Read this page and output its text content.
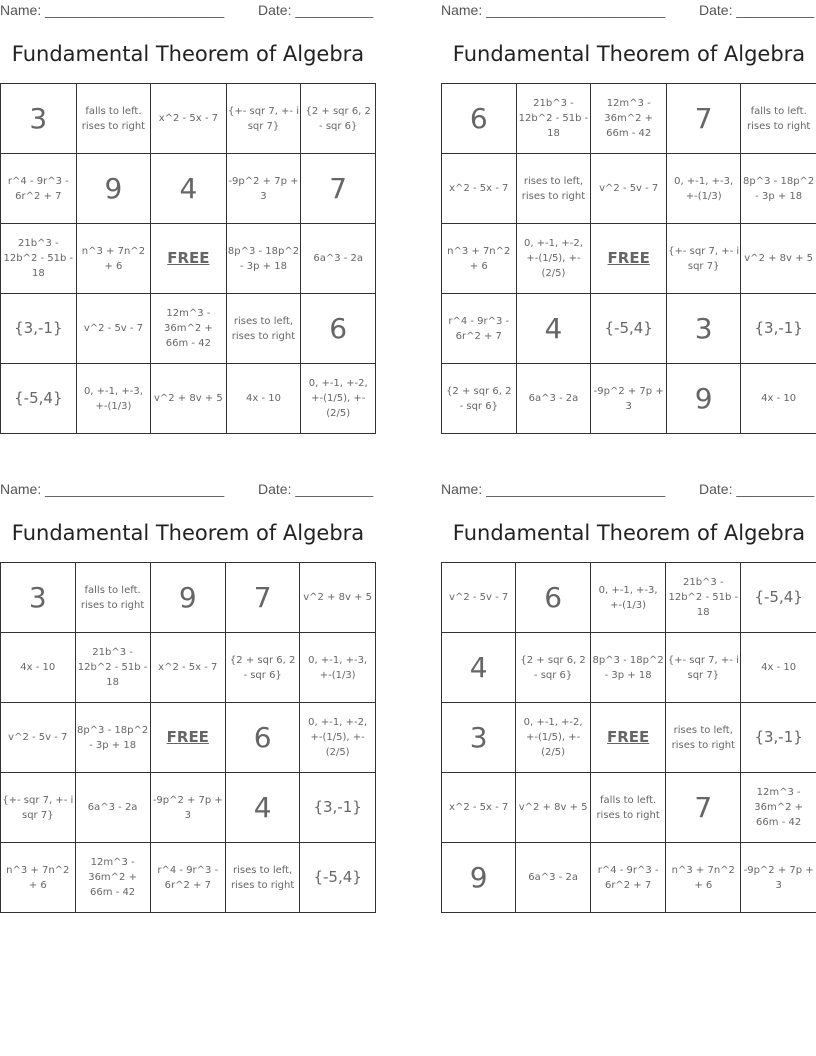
Name: _______________________ Date: __________
Fundamental Theorem of Algebra
3	falls to left. rises to right	x^2 - 5x - 7	{+- sqr 7, +- i sqr 7}	{2 + sqr 6, 2 - sqr 6}
r^4 - 9r^3 - 6r^2 + 7	9	4	-9p^2 + 7p + 3	7
21b^3 - 12b^2 - 51b - 18	n^3 + 7n^2 + 6	FREE	8p^3 - 18p^2 - 3p + 18	6a^3 - 2a
{3,-1}	v^2 - 5v - 7	12m^3 - 36m^2 + 66m - 42	rises to left, rises to right	6
{-5,4}	0, +-1, +-3, +-(1/3)	v^2 + 8v + 5	4x - 10	0, +-1, +-2, +-(1/5), +-(2/5)
Name: _______________________ Date: __________
Fundamental Theorem of Algebra
6	21b^3 - 12b^2 - 51b - 18	12m^3 - 36m^2 + 66m - 42	7	falls to left. rises to right
x^2 - 5x - 7	rises to left, rises to right	v^2 - 5v - 7	0, +-1, +-3, +-(1/3)	8p^3 - 18p^2 - 3p + 18
n^3 + 7n^2 + 6	0, +-1, +-2, +-(1/5), +-(2/5)	FREE	{+- sqr 7, +- i sqr 7}	v^2 + 8v + 5
r^4 - 9r^3 - 6r^2 + 7	4	{-5,4}	3	{3,-1}
{2 + sqr 6, 2 - sqr 6}	6a^3 - 2a	-9p^2 + 7p + 3	9	4x - 10
Name: _______________________ Date: __________
Fundamental Theorem of Algebra
3	falls to left. rises to right	9	7	v^2 + 8v + 5
4x - 10	21b^3 - 12b^2 - 51b - 18	x^2 - 5x - 7	{2 + sqr 6, 2 - sqr 6}	0, +-1, +-3, +-(1/3)
v^2 - 5v - 7	8p^3 - 18p^2 - 3p + 18	FREE	6	0, +-1, +-2, +-(1/5), +-(2/5)
{+- sqr 7, +- i sqr 7}	6a^3 - 2a	-9p^2 + 7p + 3	4	{3,-1}
n^3 + 7n^2 + 6	12m^3 - 36m^2 + 66m - 42	r^4 - 9r^3 - 6r^2 + 7	rises to left, rises to right	{-5,4}
Name: _______________________ Date: __________
Fundamental Theorem of Algebra
v^2 - 5v - 7	6	0, +-1, +-3, +-(1/3)	21b^3 - 12b^2 - 51b - 18	{-5,4}
4	{2 + sqr 6, 2 - sqr 6}	8p^3 - 18p^2 - 3p + 18	{+- sqr 7, +- i sqr 7}	4x - 10
3	0, +-1, +-2, +-(1/5), +-(2/5)	FREE	rises to left, rises to right	{3,-1}
x^2 - 5x - 7	v^2 + 8v + 5	falls to left. rises to right	7	12m^3 - 36m^2 + 66m - 42
9	6a^3 - 2a	r^4 - 9r^3 - 6r^2 + 7	n^3 + 7n^2 + 6	-9p^2 + 7p + 3
